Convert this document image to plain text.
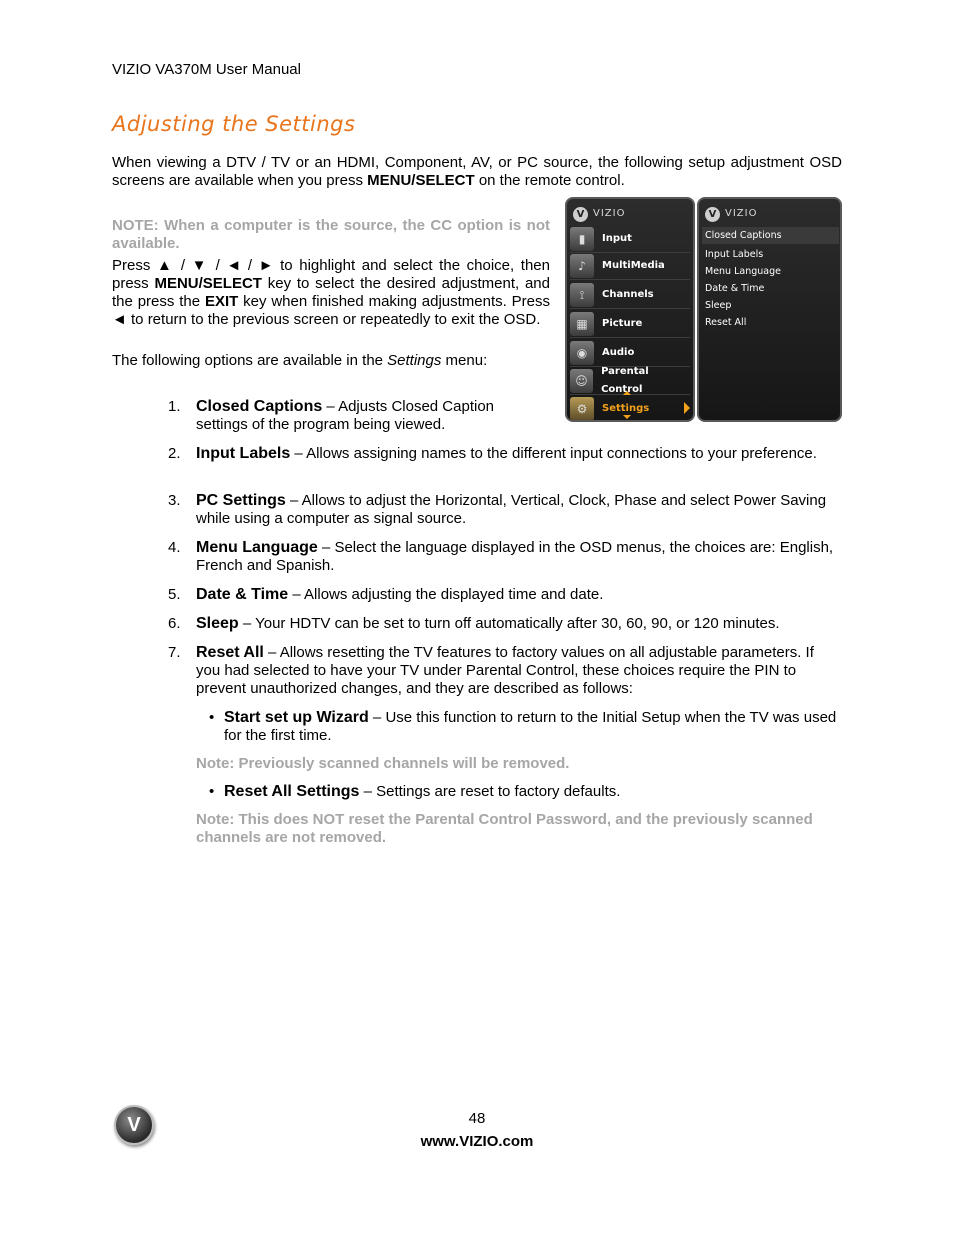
VIZIO VA370M User Manual
Adjusting the Settings
When viewing a DTV / TV or an HDMI, Component, AV, or PC source, the following setup adjustment OSD screens are available when you press MENU/SELECT on the remote control.
NOTE: When a computer is the source, the CC option is not available.
Press ▲ / ▼ / ◄ / ► to highlight and select the choice, then press MENU/SELECT key to select the desired adjustment, and the press the EXIT key when finished making adjustments. Press ◄ to return to the previous screen or repeatedly to exit the OSD.
The following options are available in the Settings menu:
V VIZIO
▮	Input
♪	MultiMedia
⟟	Channels
▦	Picture
◉	Audio
☺
Parental Control
⚙	Settings
V VIZIO
Closed Captions
Input Labels
Menu Language
Date & Time
Sleep
Reset All
1. Closed Captions – Adjusts Closed Caption settings of the program being viewed.
2. Input Labels – Allows assigning names to the different input connections to your preference.
3. PC Settings – Allows to adjust the Horizontal, Vertical, Clock, Phase and select Power Saving while using a computer as signal source.
4. Menu Language – Select the language displayed in the OSD menus, the choices are: English, French and Spanish.
5. Date & Time – Allows adjusting the displayed time and date.
6. Sleep – Your HDTV can be set to turn off automatically after 30, 60, 90, or 120 minutes.
7. Reset All – Allows resetting the TV features to factory values on all adjustable parameters. If you had selected to have your TV under Parental Control, these choices require the PIN to prevent unauthorized changes, and they are described as follows:
• Start set up Wizard – Use this function to return to the Initial Setup when the TV was used for the first time.
Note: Previously scanned channels will be removed.
• Reset All Settings – Settings are reset to factory defaults.
Note: This does NOT reset the Parental Control Password, and the previously scanned channels are not removed.
V	48
www.VIZIO.com
